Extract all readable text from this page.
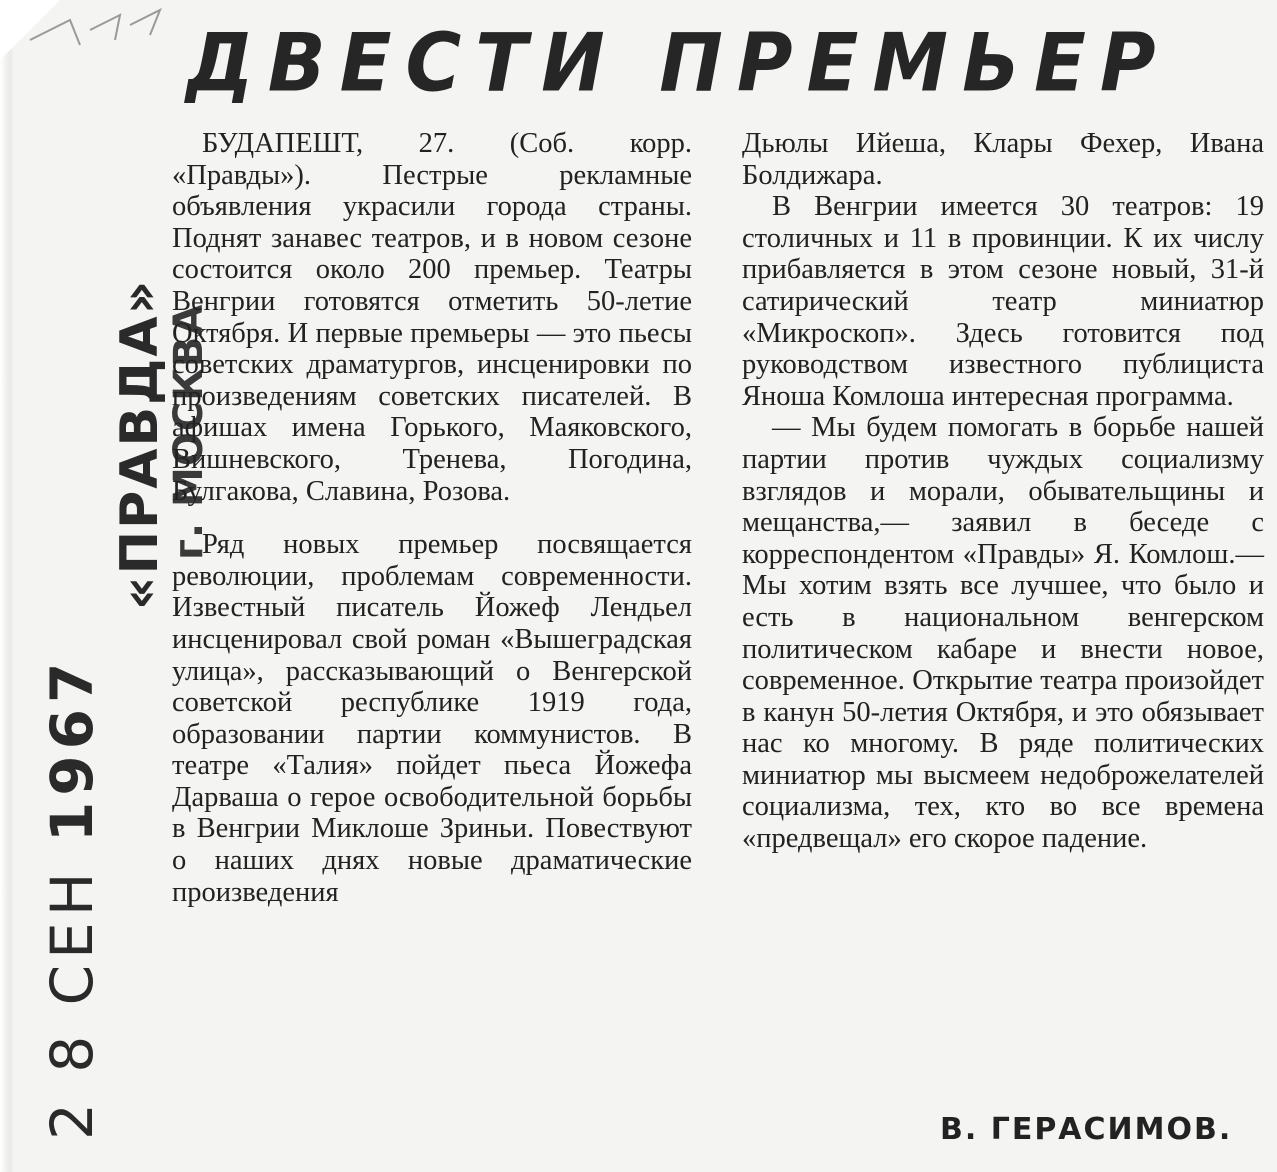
«ПРАВДА»
г. МОСКВА
2 8 СЕН 1967
ДВЕСТИ ПРЕМЬЕР

БУДАПЕШТ, 27. (Соб. корр. «Правды»). Пестрые рекламные объявления украсили города страны. Поднят занавес театров, и в новом сезоне состоится около 200 премьер. Театры Венгрии готовятся отметить 50-летие Октября. И первые премьеры — это пьесы советских драматургов, инсценировки по произведениям советских писателей. В афишах имена Горького, Маяковского, Вишневского, Тренева, Погодина, Булгакова, Славина, Розова.

Ряд новых премьер посвящается революции, проблемам современности. Известный писатель Йожеф Лендьел инсценировал свой роман «Вышеградская улица», рассказывающий о Венгерской советской республике 1919 года, образовании партии коммунистов. В театре «Талия» пойдет пьеса Йожефа Дарваша о герое освободительной борьбы в Венгрии Миклоше Зриньи. Повествуют о наших днях новые драматические произведения

Дьюлы Ийеша, Клары Фехер, Ивана Болдижара.

В Венгрии имеется 30 театров: 19 столичных и 11 в провинции. К их числу прибавляется в этом сезоне новый, 31-й сатирический театр миниатюр «Микроскоп». Здесь готовится под руководством известного публициста Яноша Комлоша интересная программа.

— Мы будем помогать в борьбе нашей партии против чуждых социализму взглядов и морали, обывательщины и мещанства,— заявил в беседе с корреспондентом «Правды» Я. Комлош.— Мы хотим взять все лучшее, что было и есть в национальном венгерском политическом кабаре и внести новое, современное. Открытие театра произойдет в канун 50-летия Октября, и это обязывает нас ко многому. В ряде политических миниатюр мы высмеем недоброжелателей социализма, тех, кто во все времена «предвещал» его скорое падение.

В. ГЕРАСИМОВ.
